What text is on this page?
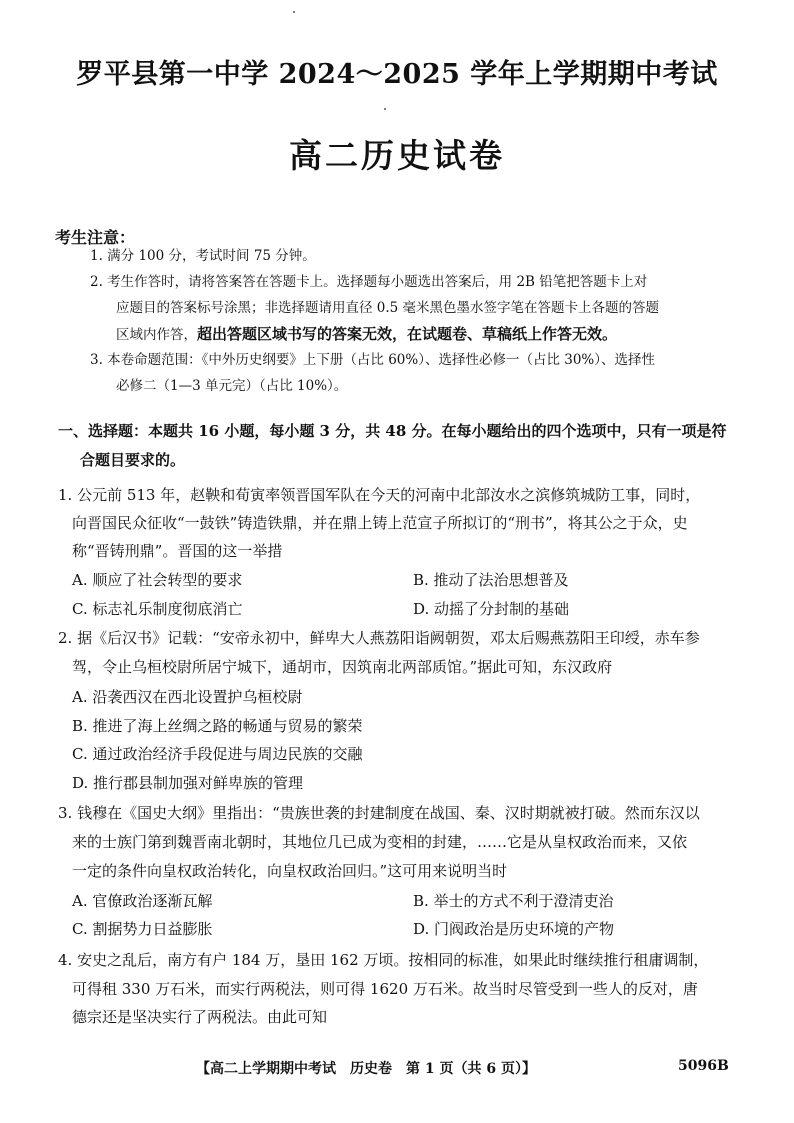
罗平县第一中学 2024～2025 学年上学期期中考试
高二历史试卷
考生注意：
1. 满分 100 分，考试时间 75 分钟。
2. 考生作答时，请将答案答在答题卡上。选择题每小题选出答案后，用 2B 铅笔把答题卡上对
应题目的答案标号涂黑；非选择题请用直径 0.5 毫米黑色墨水签字笔在答题卡上各题的答题
区域内作答，超出答题区域书写的答案无效，在试题卷、草稿纸上作答无效。
3. 本卷命题范围：《中外历史纲要》上下册（占比 60%）、选择性必修一（占比 30%）、选择性
必修二（1—3 单元完）（占比 10%）。
一、选择题：本题共 16 小题，每小题 3 分，共 48 分。在每小题给出的四个选项中，只有一项是符
合题目要求的。
1. 公元前 513 年，赵鞅和荀寅率领晋国军队在今天的河南中北部汝水之滨修筑城防工事，同时，
向晋国民众征收“一鼓铁”铸造铁鼎，并在鼎上铸上范宣子所拟订的“刑书”，将其公之于众，史
称“晋铸刑鼎”。晋国的这一举措
A. 顺应了社会转型的要求	B. 推动了法治思想普及
C. 标志礼乐制度彻底消亡	D. 动摇了分封制的基础
2. 据《后汉书》记载：“安帝永初中，鲜卑大人燕荔阳诣阙朝贺，邓太后赐燕荔阳王印绶，赤车参
驾，令止乌桓校尉所居宁城下，通胡市，因筑南北两部质馆。”据此可知，东汉政府
A. 沿袭西汉在西北设置护乌桓校尉
B. 推进了海上丝绸之路的畅通与贸易的繁荣
C. 通过政治经济手段促进与周边民族的交融
D. 推行郡县制加强对鲜卑族的管理
3. 钱穆在《国史大纲》里指出：“贵族世袭的封建制度在战国、秦、汉时期就被打破。然而东汉以
来的士族门第到魏晋南北朝时，其地位几已成为变相的封建，……它是从皇权政治而来，又依
一定的条件向皇权政治转化，向皇权政治回归。”这可用来说明当时
A. 官僚政治逐渐瓦解	B. 举士的方式不利于澄清吏治
C. 割据势力日益膨胀	D. 门阀政治是历史环境的产物
4. 安史之乱后，南方有户 184 万，垦田 162 万顷。按相同的标准，如果此时继续推行租庸调制，
可得租 330 万石米，而实行两税法，则可得 1620 万石米。故当时尽管受到一些人的反对，唐
德宗还是坚决实行了两税法。由此可知
【高二上学期期中考试　历史卷　第 1 页（共 6 页）】	5096B
